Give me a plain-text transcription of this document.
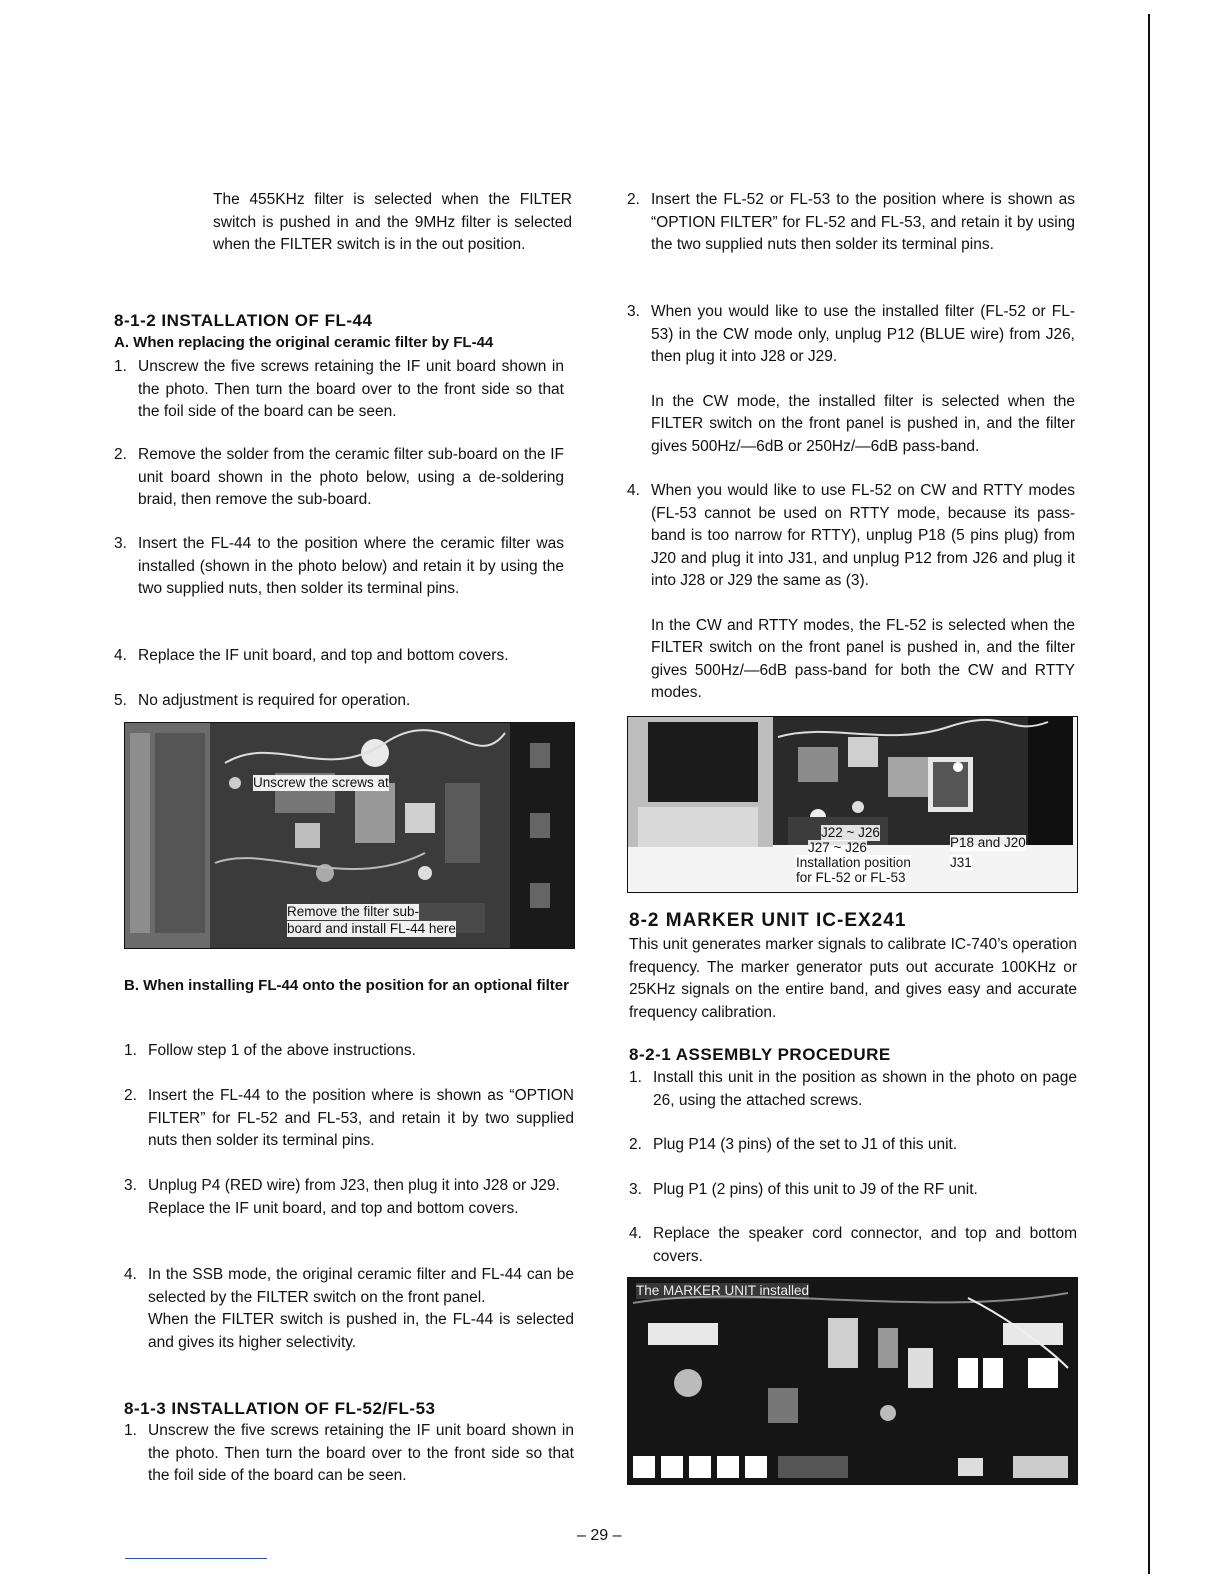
The 455KHz filter is selected when the FILTER switch is pushed in and the 9MHz filter is selected when the FILTER switch is in the out position.

8-1-2 INSTALLATION OF FL-44

A. When replacing the original ceramic filter by FL-44

1. Unscrew the five screws retaining the IF unit board shown in the photo. Then turn the board over to the front side so that the foil side of the board can be seen.
2. Remove the solder from the ceramic filter sub-board on the IF unit board shown in the photo below, using a de-soldering braid, then remove the sub-board.
3. Insert the FL-44 to the position where the ceramic filter was installed (shown in the photo below) and retain it by using the two supplied nuts, then solder its terminal pins.
4. Replace the IF unit board, and top and bottom covers.
5. No adjustment is required for operation.
Unscrew the screws at
Remove the filter sub-
board and install FL-44 here

B. When installing FL-44 onto the position for an optional filter

1. Follow step 1 of the above instructions.
2. Insert the FL-44 to the position where is shown as “OPTION FILTER” for FL-52 and FL-53, and retain it by two supplied nuts then solder its terminal pins.
3. Unplug P4 (RED wire) from J23, then plug it into J28 or J29.
Replace the IF unit board, and top and bottom covers.
4. In the SSB mode, the original ceramic filter and FL-44 can be selected by the FILTER switch on the front panel.
When the FILTER switch is pushed in, the FL-44 is selected and gives its higher selectivity.

8-1-3 INSTALLATION OF FL-52/FL-53

1. Unscrew the five screws retaining the IF unit board shown in the photo. Then turn the board over to the front side so that the foil side of the board can be seen.
2. Insert the FL-52 or FL-53 to the position where is shown as “OPTION FILTER” for FL-52 and FL-53, and retain it by using the two supplied nuts then solder its terminal pins.
3. When you would like to use the installed filter (FL-52 or FL-53) in the CW mode only, unplug P12 (BLUE wire) from J26, then plug it into J28 or J29.
In the CW mode, the installed filter is selected when the FILTER switch on the front panel is pushed in, and the filter gives 500Hz/—6dB or 250Hz/—6dB pass-band.
4. When you would like to use FL-52 on CW and RTTY modes (FL-53 cannot be used on RTTY mode, because its pass-band is too narrow for RTTY), unplug P18 (5 pins plug) from J20 and plug it into J31, and unplug P12 from J26 and plug it into J28 or J29 the same as (3).
In the CW and RTTY modes, the FL-52 is selected when the FILTER switch on the front panel is pushed in, and the filter gives 500Hz/—6dB pass-band for both the CW and RTTY modes.
J22 ~ J26
J27 ~ J26
Installation position
for FL-52 or FL-53
P18 and J20
J31

8-2 MARKER UNIT IC-EX241

This unit generates marker signals to calibrate IC-740’s operation frequency. The marker generator puts out accurate 100KHz or 25KHz signals on the entire band, and gives easy and accurate frequency calibration.

8-2-1 ASSEMBLY PROCEDURE

1. Install this unit in the position as shown in the photo on page 26, using the attached screws.
2. Plug P14 (3 pins) of the set to J1 of this unit.
3. Plug P1 (2 pins) of this unit to J9 of the RF unit.
4. Replace the speaker cord connector, and top and bottom covers.
The MARKER UNIT installed
– 29 –
